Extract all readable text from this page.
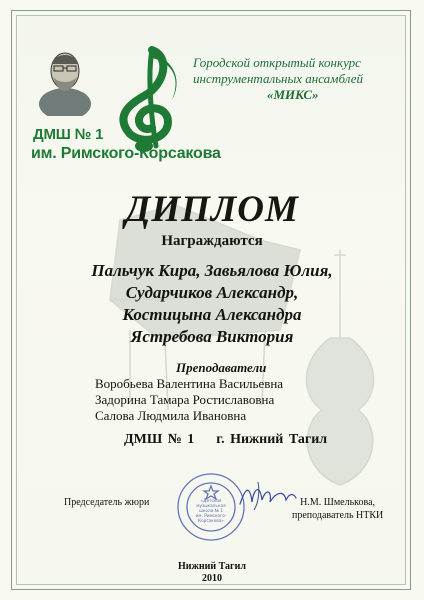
ДМШ № 1
им. Римского-Корсакова
Городской открытый конкурс
инструментальных ансамблей
«МИКС»
ДИПЛОМ
Награждаются
Пальчук Кира, Завьялова Юлия,
Сударчиков Александр,
Костицына Александра
Ястребова Виктория
Преподаватели
Воробьева Валентина Васильевна
Задорина Тамара Ростиславовна
Салова Людмила Ивановна
ДМШ № 1    г. Нижний Тагил
Председатель жюри	«Детская
музыкальная
школа № 1
им. Римского-
Корсакова»
Н.М. Шмелькова,
преподаватель НТКИ
Нижний Тагил
2010
